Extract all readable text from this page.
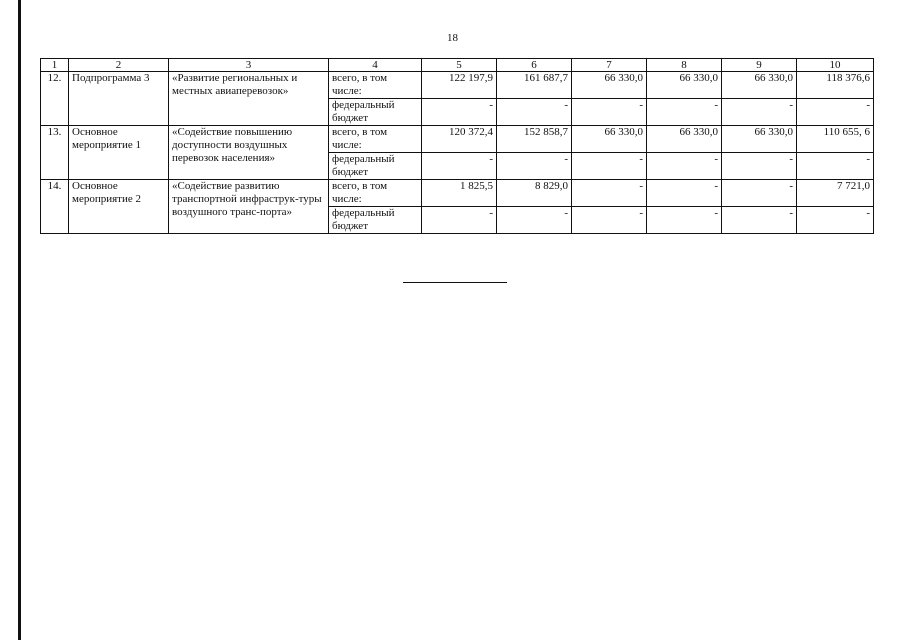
18
1	2	3	4	5	6	7	8	9	10
12.	Подпрограмма 3	«Развитие региональных и местных авиаперевозок»	всего, в том числе:	122 197,9	161 687,7	66 330,0	66 330,0	66 330,0	118 376,6
			федеральный бюджет	-	-	-	-	-	-
13.	Основное мероприятие 1	«Содействие повышению доступности воздушных перевозок населения»	всего, в том числе:	120 372,4	152 858,7	66 330,0	66 330,0	66 330,0	110 655, 6
			федеральный бюджет	-	-	-	-	-	-
14.	Основное мероприятие 2	«Содействие развитию транспортной инфраструк-туры воздушного транс-порта»	всего, в том числе:	1 825,5	8 829,0	-	-	-	7 721,0
			федеральный бюджет	-	-	-	-	-	-
